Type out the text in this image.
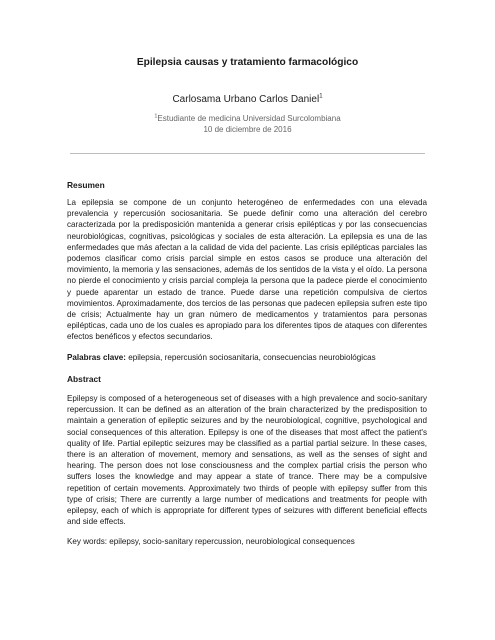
Epilepsia causas y tratamiento farmacológico
Carlosama Urbano Carlos Daniel$^1$
$^1$Estudiante de medicina Universidad Surcolombiana
10 de diciembre de 2016
Resumen

La epilepsia se compone de un conjunto heterogéneo de enfermedades con una elevada prevalencia y repercusión sociosanitaria. Se puede definir como una alteración del cerebro caracterizada por la predisposición mantenida a generar crisis epilépticas y por las consecuencias neurobiológicas, cognitivas, psicológicas y sociales de esta alteración. La epilepsia es una de las enfermedades que más afectan a la calidad de vida del paciente. Las crisis epilépticas parciales las podemos clasificar como crisis parcial simple en estos casos se produce una alteración del movimiento, la memoria y las sensaciones, además de los sentidos de la vista y el oído. La persona no pierde el conocimiento y crisis parcial compleja la persona que la padece pierde el conocimiento y puede aparentar un estado de trance. Puede darse una repetición compulsiva de ciertos movimientos. Aproximadamente, dos tercios de las personas que padecen epilepsia sufren este tipo de crisis; Actualmente hay un gran número de medicamentos y tratamientos para personas epilépticas, cada uno de los cuales es apropiado para los diferentes tipos de ataques con diferentes efectos benéficos y efectos secundarios.

Palabras clave: epilepsia, repercusión sociosanitaria, consecuencias neurobiológicas

Abstract

Epilepsy is composed of a heterogeneous set of diseases with a high prevalence and socio-sanitary repercussion. It can be defined as an alteration of the brain characterized by the predisposition to maintain a generation of epileptic seizures and by the neurobiological, cognitive, psychological and social consequences of this alteration. Epilepsy is one of the diseases that most affect the patient's quality of life. Partial epileptic seizures may be classified as a partial partial seizure. In these cases, there is an alteration of movement, memory and sensations, as well as the senses of sight and hearing. The person does not lose consciousness and the complex partial crisis the person who suffers loses the knowledge and may appear a state of trance. There may be a compulsive repetition of certain movements. Approximately two thirds of people with epilepsy suffer from this type of crisis; There are currently a large number of medications and treatments for people with epilepsy, each of which is appropriate for different types of seizures with different beneficial effects and side effects.

Key words: epilepsy, socio-sanitary repercussion, neurobiological consequences
